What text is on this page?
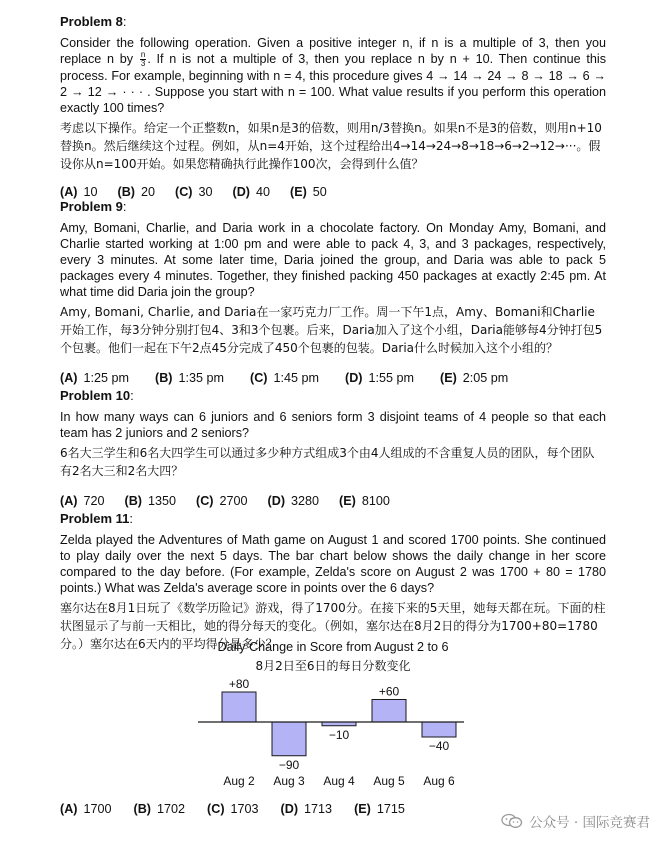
Problem 8:

Consider the following operation. Given a positive integer n, if n is a multiple of 3, then you replace n by $\frac{n}{3}$ . If n is not a multiple of 3, then you replace n by n + 10. Then continue this process. For example, beginning with n = 4, this procedure gives 4 → 14 → 24 → 8 → 18 → 6 → 2 → 12 → · · · . Suppose you start with n = 100. What value results if you perform this operation exactly 100 times?

考虑以下操作。给定一个正整数n，如果n是3的倍数，则用n/3替换n。如果n不是3的倍数，则用n+10替换n。然后继续这个过程。例如，从n=4开始，这个过程给出4→14→24→8→18→6→2→12→···。假设你从n=100开始。如果您精确执行此操作100次，会得到什么值？

(A) 10 (B) 20 (C) 30 (D) 40 (E) 50
Problem 9:

Amy, Bomani, Charlie, and Daria work in a chocolate factory. On Monday Amy, Bomani, and Charlie started working at 1:00 pm and were able to pack 4, 3, and 3 packages, respectively, every 3 minutes. At some later time, Daria joined the group, and Daria was able to pack 5 packages every 4 minutes. Together, they finished packing 450 packages at exactly 2:45 pm. At what time did Daria join the group?

Amy, Bomani, Charlie, and Daria在一家巧克力厂工作。周一下午1点，Amy、Bomani和Charlie开始工作，每3分钟分别打包4、3和3个包裹。后来，Daria加入了这个小组，Daria能够每4分钟打包5个包裹。他们一起在下午2点45分完成了450个包裹的包装。Daria什么时候加入这个小组的？

(A) 1:25 pm (B) 1:35 pm (C) 1:45 pm (D) 1:55 pm (E) 2:05 pm
Problem 10:

In how many ways can 6 juniors and 6 seniors form 3 disjoint teams of 4 people so that each team has 2 juniors and 2 seniors?

6名大三学生和6名大四学生可以通过多少种方式组成3个由4人组成的不含重复人员的团队，每个团队有2名大三和2名大四？

(A) 720 (B) 1350 (C) 2700 (D) 3280 (E) 8100
Problem 11:

Zelda played the Adventures of Math game on August 1 and scored 1700 points. She continued to play daily over the next 5 days. The bar chart below shows the daily change in her score compared to the day before. (For example, Zelda's score on August 2 was 1700 + 80 = 1780 points.) What was Zelda's average score in points over the 6 days?

塞尔达在8月1日玩了《数学历险记》游戏，得了1700分。在接下来的5天里，她每天都在玩。下面的柱状图显示了与前一天相比，她的得分每天的变化。（例如，塞尔达在8月2日的得分为1700+80=1780分。）塞尔达在6天内的平均得分是多少？

Daily Change in Score from August 2 to 6
8月2日至6日的每日分数变化
+80
Aug 2
−90
Aug 3
−10
Aug 4
+60
Aug 5
−40
Aug 6
(A) 1700 (B) 1702 (C) 1703 (D) 1713 (E) 1715
公众号 · 国际竞赛君
